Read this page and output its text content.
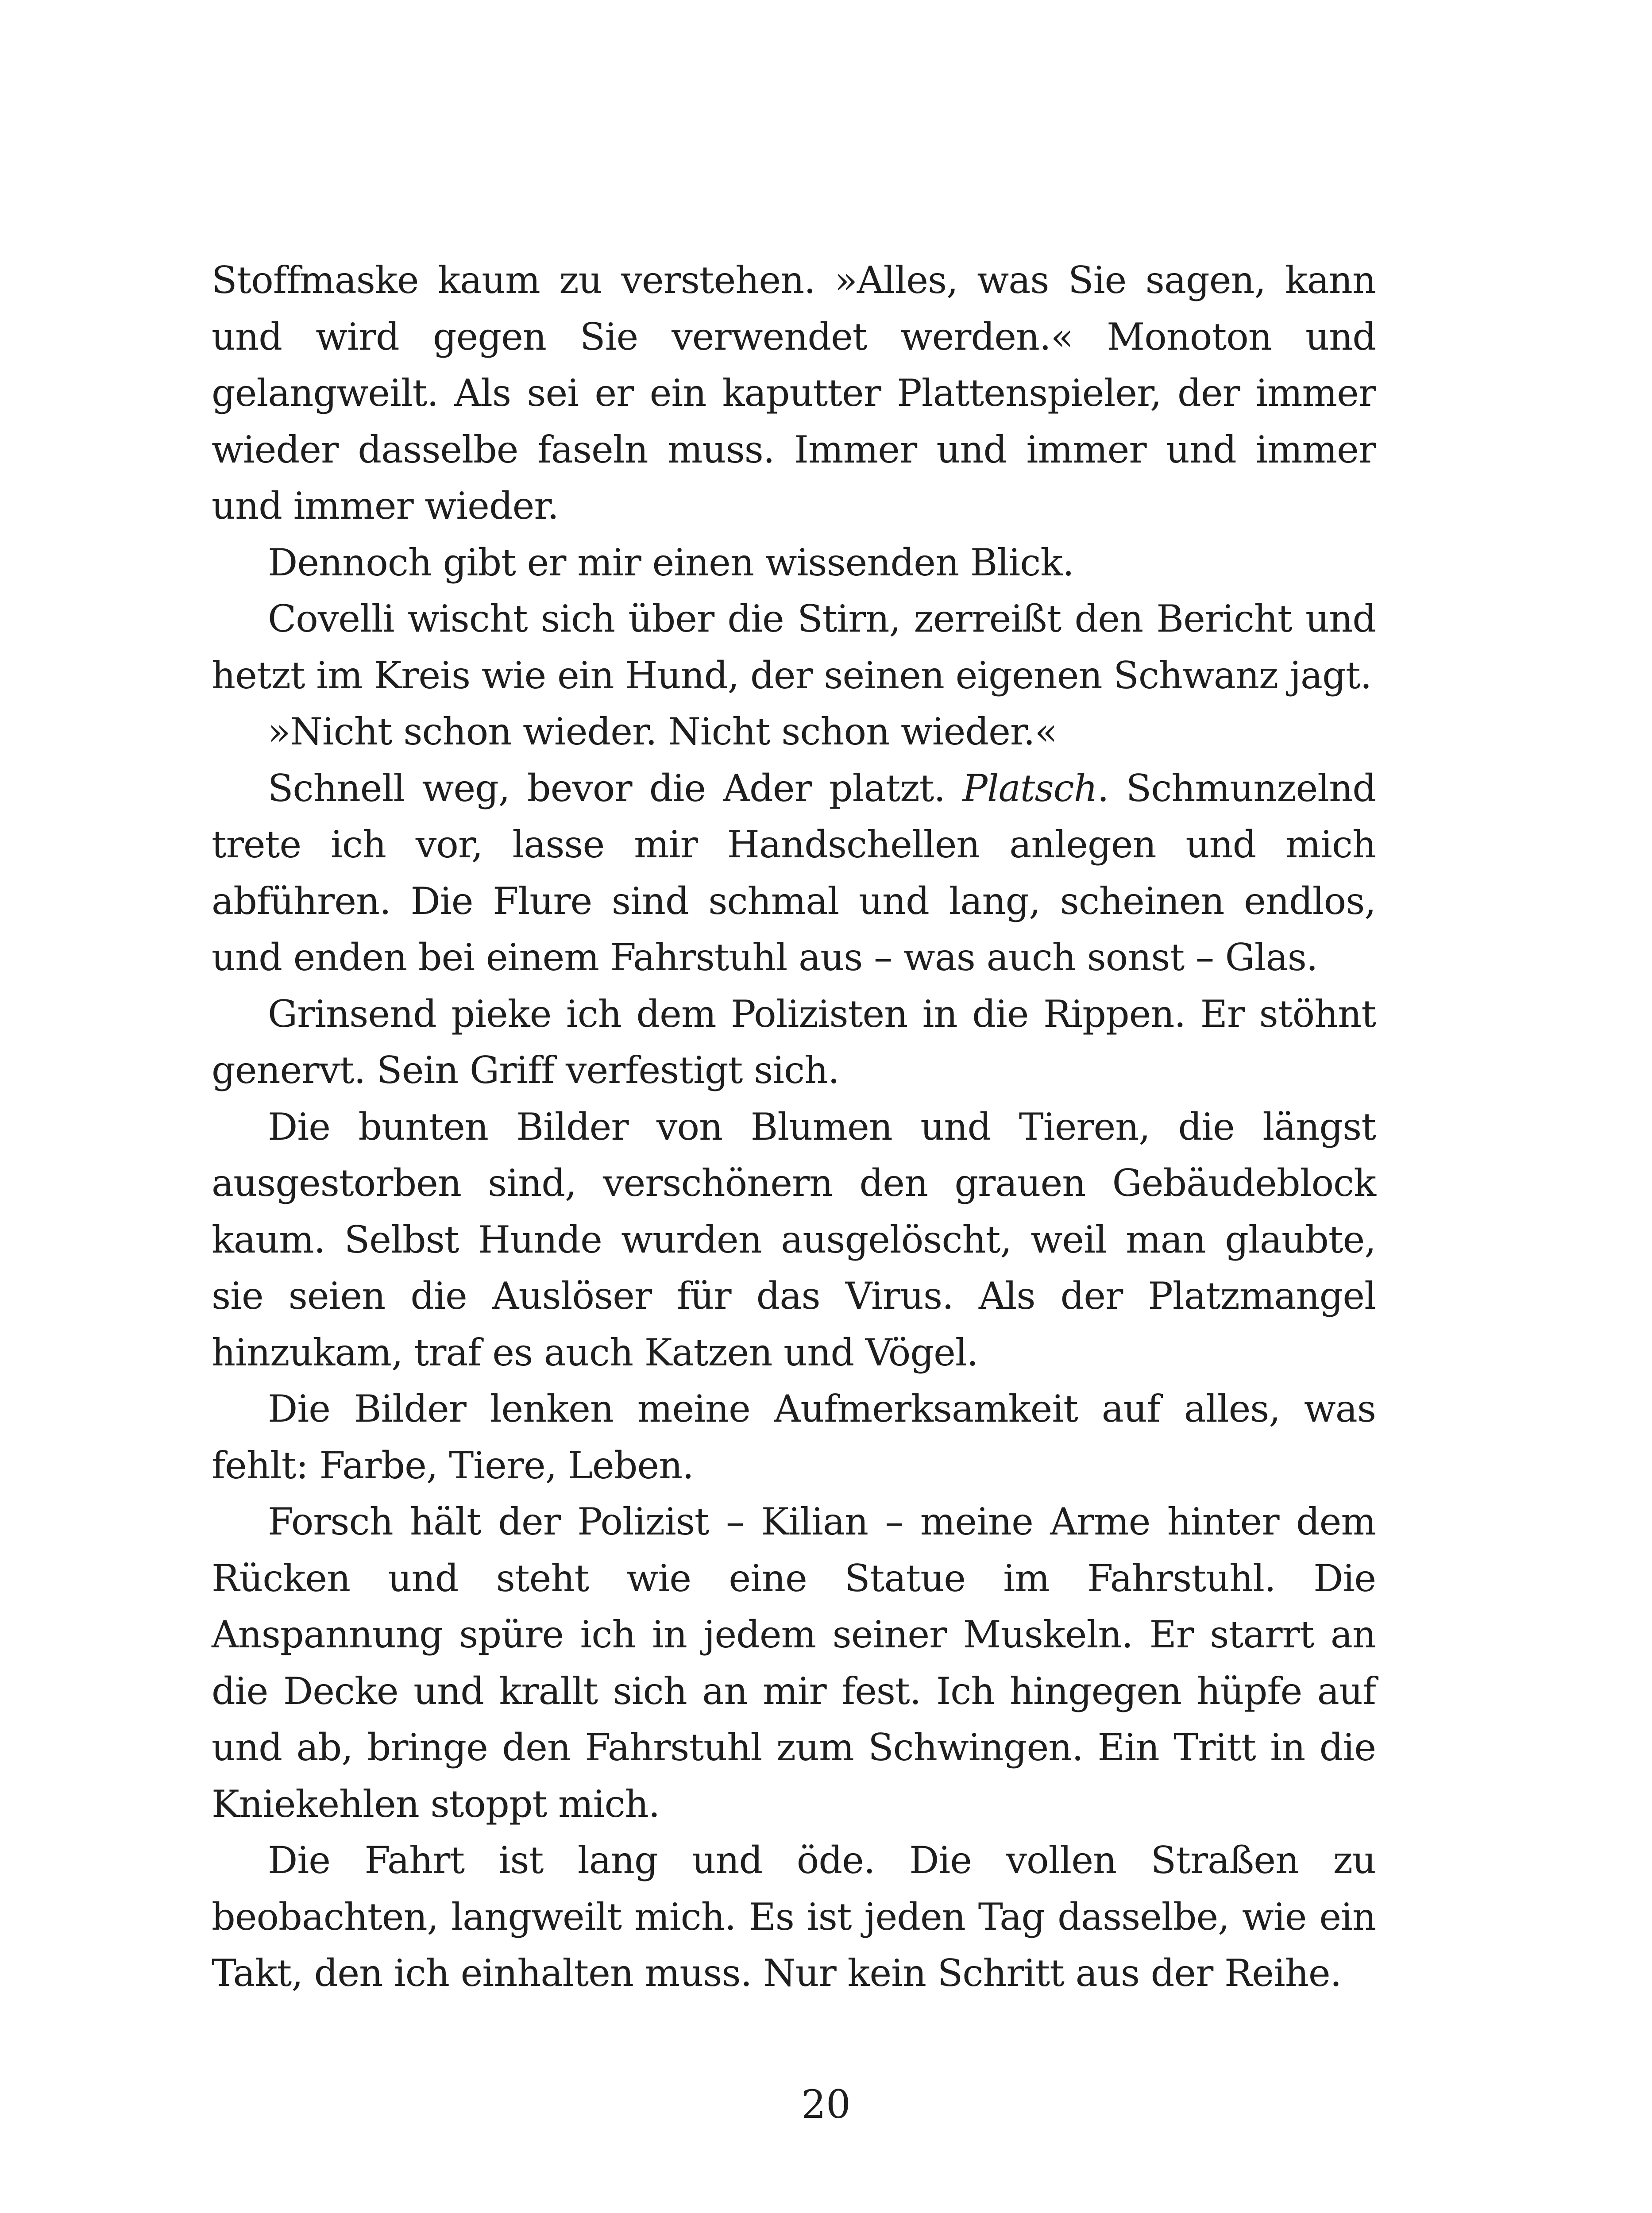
Stoffmaske kaum zu verstehen. »Alles, was Sie sagen, kann und wird gegen Sie verwendet werden.« Monoton und gelangweilt. Als sei er ein kaputter Plattenspieler, der immer wieder dasselbe faseln muss. Immer und immer und immer und immer wieder.

Dennoch gibt er mir einen wissenden Blick.

Covelli wischt sich über die Stirn, zerreißt den Bericht und hetzt im Kreis wie ein Hund, der seinen eigenen Schwanz jagt.

»Nicht schon wieder. Nicht schon wieder.«

Schnell weg, bevor die Ader platzt. Platsch. Schmunzelnd trete ich vor, lasse mir Handschellen anlegen und mich abführen. Die Flure sind schmal und lang, scheinen endlos, und enden bei einem Fahrstuhl aus – was auch sonst – Glas.

Grinsend pieke ich dem Polizisten in die Rippen. Er stöhnt genervt. Sein Griff verfestigt sich.

Die bunten Bilder von Blumen und Tieren, die längst ausgestorben sind, verschönern den grauen Gebäudeblock kaum. Selbst Hunde wurden ausgelöscht, weil man glaubte, sie seien die Auslöser für das Virus. Als der Platzmangel hinzukam, traf es auch Katzen und Vögel.

Die Bilder lenken meine Aufmerksamkeit auf alles, was fehlt: Farbe, Tiere, Leben.

Forsch hält der Polizist – Kilian – meine Arme hinter dem Rücken und steht wie eine Statue im Fahrstuhl. Die Anspannung spüre ich in jedem seiner Muskeln. Er starrt an die Decke und krallt sich an mir fest. Ich hingegen hüpfe auf und ab, bringe den Fahrstuhl zum Schwingen. Ein Tritt in die Kniekehlen stoppt mich.

Die Fahrt ist lang und öde. Die vollen Straßen zu beobachten, langweilt mich. Es ist jeden Tag dasselbe, wie ein Takt, den ich einhalten muss. Nur kein Schritt aus der Reihe.

20
